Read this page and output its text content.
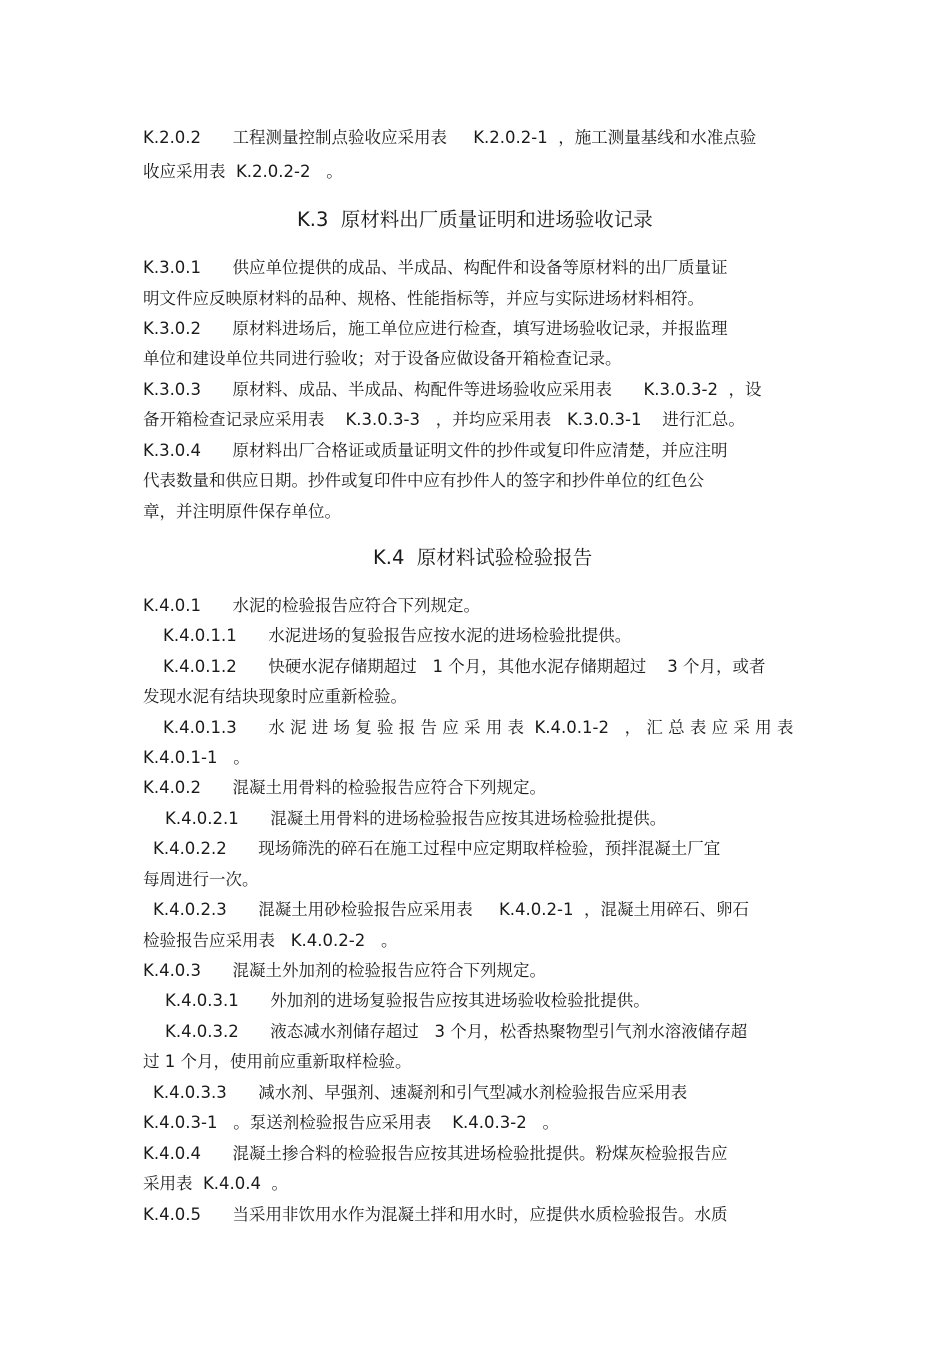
K.2.0.2      工程测量控制点验收应采用表     K.2.0.2-1  ，施工测量基线和水准点验
收应采用表  K.2.0.2-2   。
K.3  原材料出厂质量证明和进场验收记录
K.3.0.1      供应单位提供的成品、半成品、构配件和设备等原材料的出厂质量证
明文件应反映原材料的品种、规格、性能指标等，并应与实际进场材料相符。
K.3.0.2      原材料进场后，施工单位应进行检查，填写进场验收记录，并报监理
单位和建设单位共同进行验收；对于设备应做设备开箱检查记录。
K.3.0.3      原材料、成品、半成品、构配件等进场验收应采用表      K.3.0.3-2  ，设
备开箱检查记录应采用表    K.3.0.3-3   ，并均应采用表   K.3.0.3-1    进行汇总。
K.3.0.4      原材料出厂合格证或质量证明文件的抄件或复印件应清楚，并应注明
代表数量和供应日期。抄件或复印件中应有抄件人的签字和抄件单位的红色公
章，并注明原件保存单位。
K.4  原材料试验检验报告
K.4.0.1      水泥的检验报告应符合下列规定。
K.4.0.1.1      水泥进场的复验报告应按水泥的进场检验批提供。
K.4.0.1.2      快硬水泥存储期超过   1 个月，其他水泥存储期超过    3 个月，或者
发现水泥有结块现象时应重新检验。
K.4.0.1.3      水 泥 进 场 复 验 报 告 应 采 用 表  K.4.0.1-2   ， 汇 总 表 应 采 用 表
K.4.0.1-1   。
K.4.0.2      混凝土用骨料的检验报告应符合下列规定。
K.4.0.2.1      混凝土用骨料的进场检验报告应按其进场检验批提供。
K.4.0.2.2      现场筛洗的碎石在施工过程中应定期取样检验，预拌混凝土厂宜
每周进行一次。
K.4.0.2.3      混凝土用砂检验报告应采用表     K.4.0.2-1  ，混凝土用碎石、卵石
检验报告应采用表   K.4.0.2-2   。
K.4.0.3      混凝土外加剂的检验报告应符合下列规定。
K.4.0.3.1      外加剂的进场复验报告应按其进场验收检验批提供。
K.4.0.3.2      液态减水剂储存超过   3 个月，松香热聚物型引气剂水溶液储存超
过 1 个月，使用前应重新取样检验。
K.4.0.3.3      减水剂、早强剂、速凝剂和引气型减水剂检验报告应采用表
K.4.0.3-1   。泵送剂检验报告应采用表    K.4.0.3-2   。
K.4.0.4      混凝土掺合料的检验报告应按其进场检验批提供。粉煤灰检验报告应
采用表  K.4.0.4  。
K.4.0.5      当采用非饮用水作为混凝土拌和用水时，应提供水质检验报告。水质
